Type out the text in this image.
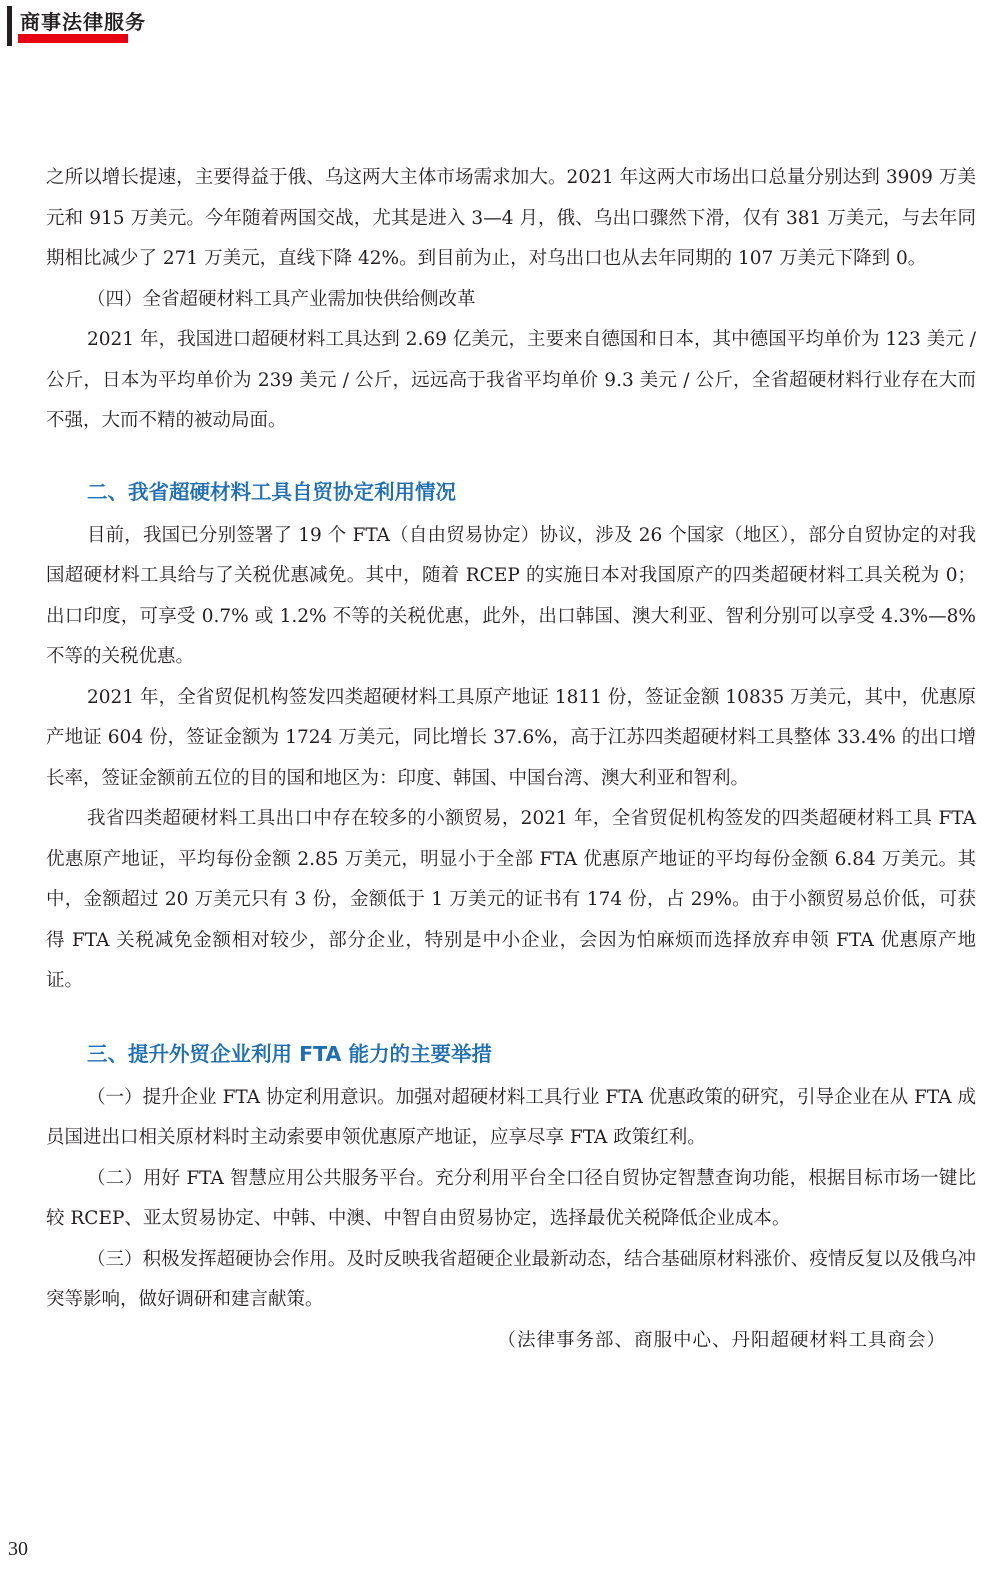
商事法律服务

之所以增长提速，主要得益于俄、乌这两大主体市场需求加大。2021 年这两大市场出口总量分别达到 3909 万美元和 915 万美元。今年随着两国交战，尤其是进入 3—4 月，俄、乌出口骤然下滑，仅有 381 万美元，与去年同期相比减少了 271 万美元，直线下降 42%。到目前为止，对乌出口也从去年同期的 107 万美元下降到 0。

（四）全省超硬材料工具产业需加快供给侧改革

2021 年，我国进口超硬材料工具达到 2.69 亿美元，主要来自德国和日本，其中德国平均单价为 123 美元 / 公斤，日本为平均单价为 239 美元 / 公斤，远远高于我省平均单价 9.3 美元 / 公斤，全省超硬材料行业存在大而不强，大而不精的被动局面。

二、我省超硬材料工具自贸协定利用情况

目前，我国已分别签署了 19 个 FTA（自由贸易协定）协议，涉及 26 个国家（地区），部分自贸协定的对我国超硬材料工具给与了关税优惠减免。其中，随着 RCEP 的实施日本对我国原产的四类超硬材料工具关税为 0；出口印度，可享受 0.7% 或 1.2% 不等的关税优惠，此外，出口韩国、澳大利亚、智利分别可以享受 4.3%—8% 不等的关税优惠。

2021 年，全省贸促机构签发四类超硬材料工具原产地证 1811 份，签证金额 10835 万美元，其中，优惠原产地证 604 份，签证金额为 1724 万美元，同比增长 37.6%，高于江苏四类超硬材料工具整体 33.4% 的出口增长率，签证金额前五位的目的国和地区为：印度、韩国、中国台湾、澳大利亚和智利。

我省四类超硬材料工具出口中存在较多的小额贸易，2021 年，全省贸促机构签发的四类超硬材料工具 FTA 优惠原产地证，平均每份金额 2.85 万美元，明显小于全部 FTA 优惠原产地证的平均每份金额 6.84 万美元。其中，金额超过 20 万美元只有 3 份，金额低于 1 万美元的证书有 174 份，占 29%。由于小额贸易总价低，可获得 FTA 关税减免金额相对较少，部分企业，特别是中小企业，会因为怕麻烦而选择放弃申领 FTA 优惠原产地证。

三、提升外贸企业利用 FTA 能力的主要举措

（一）提升企业 FTA 协定利用意识。加强对超硬材料工具行业 FTA 优惠政策的研究，引导企业在从 FTA 成员国进出口相关原材料时主动索要申领优惠原产地证，应享尽享 FTA 政策红利。

（二）用好 FTA 智慧应用公共服务平台。充分利用平台全口径自贸协定智慧查询功能，根据目标市场一键比较 RCEP、亚太贸易协定、中韩、中澳、中智自由贸易协定，选择最优关税降低企业成本。

（三）积极发挥超硬协会作用。及时反映我省超硬企业最新动态，结合基础原材料涨价、疫情反复以及俄乌冲突等影响，做好调研和建言献策。

（法律事务部、商服中心、丹阳超硬材料工具商会）

30
